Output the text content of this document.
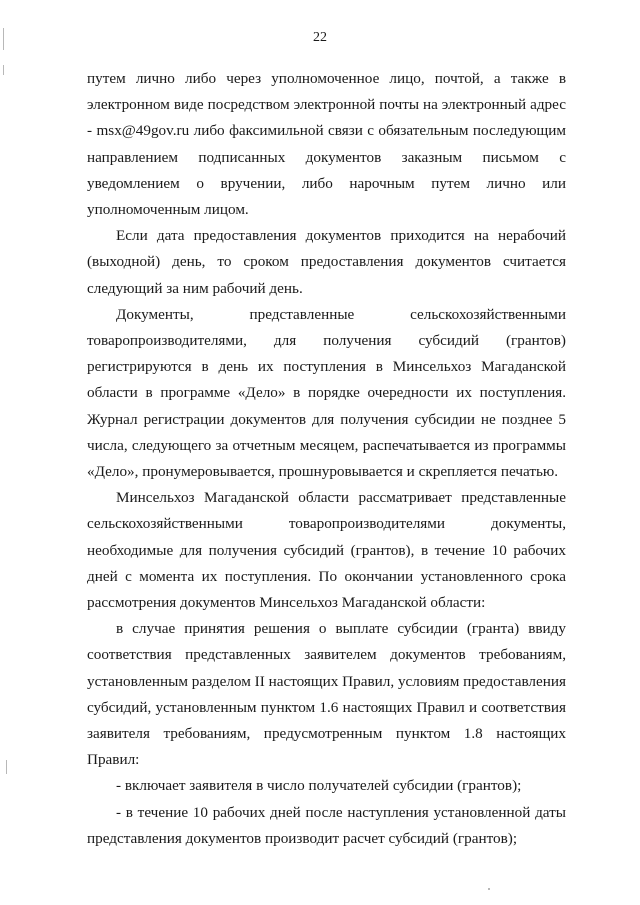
22

путем лично либо через уполномоченное лицо, почтой, а также в электронном виде посредством электронной почты на электронный адрес - msx@49gov.ru либо факсимильной связи с обязательным последующим направлением подписанных документов заказным письмом с уведомлением о вручении, либо нарочным путем лично или уполномоченным лицом.

Если дата предоставления документов приходится на нерабочий (выходной) день, то сроком предоставления документов считается следующий за ним рабочий день.

Документы, представленные сельскохозяйственными товаропроизводителями, для получения субсидий (грантов) регистрируются в день их поступления в Минсельхоз Магаданской области в программе «Дело» в порядке очередности их поступления. Журнал регистрации документов для получения субсидии не позднее 5 числа, следующего за отчетным месяцем, распечатывается из программы «Дело», пронумеровывается, прошнуровывается и скрепляется печатью.

Минсельхоз Магаданской области рассматривает представленные сельскохозяйственными товаропроизводителями документы, необходимые для получения субсидий (грантов), в течение 10 рабочих дней с момента их поступления. По окончании установленного срока рассмотрения документов Минсельхоз Магаданской области:

в случае принятия решения о выплате субсидии (гранта) ввиду соответствия представленных заявителем документов требованиям, установленным разделом II настоящих Правил, условиям предоставления субсидий, установленным пунктом 1.6 настоящих Правил и соответствия заявителя требованиям, предусмотренным пунктом 1.8 настоящих Правил:

- включает заявителя в число получателей субсидии (грантов);

- в течение 10 рабочих дней после наступления установленной даты представления документов производит расчет субсидий (грантов);
